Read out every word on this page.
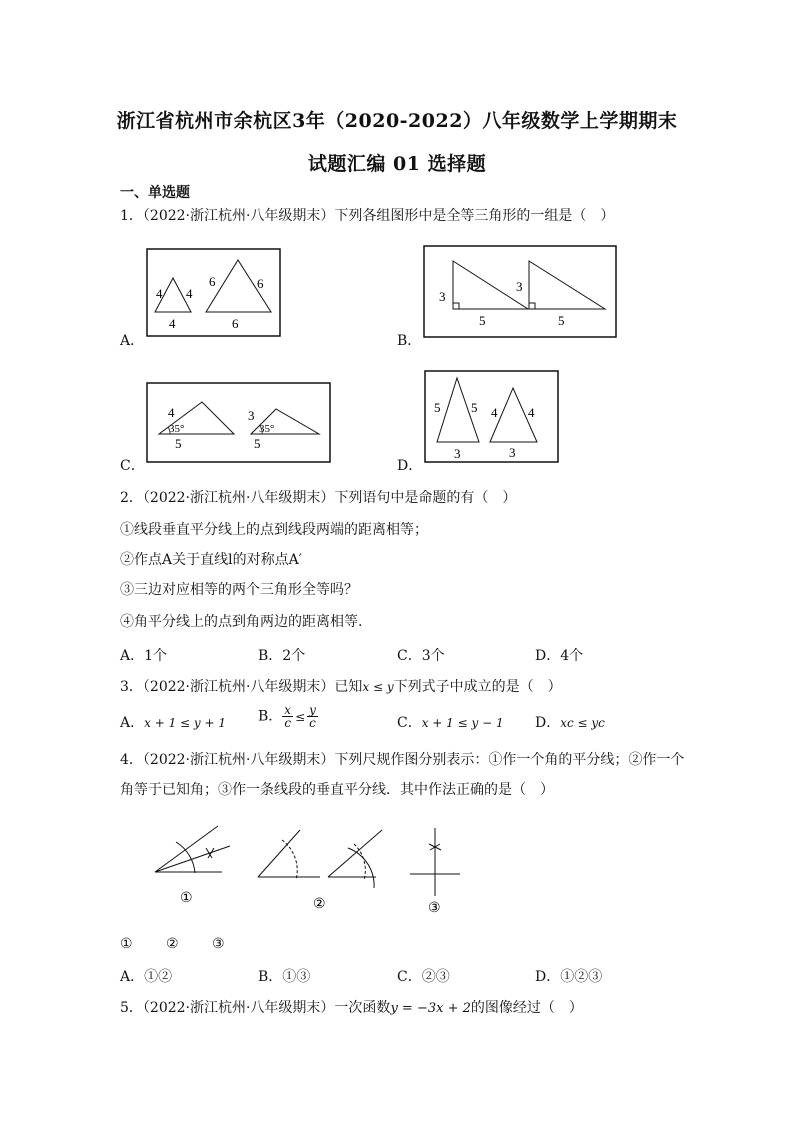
浙江省杭州市余杭区3年（2020-2022）八年级数学上学期期末
试题汇编 01 选择题
一、单选题
1．（2022·浙江杭州·八年级期末）下列各组图形中是全等三角形的一组是（　）
A．
4 4
4
6	6
6
B．
3
5
3
5
C．
4
35°
5
3
35°
5
D．
5 5
3
4 4
3
2．（2022·浙江杭州·八年级期末）下列语句中是命题的有（　）
①线段垂直平分线上的点到线段两端的距离相等；
②作点A关于直线l的对称点A′
③三边对应相等的两个三角形全等吗？
④角平分线上的点到角两边的距离相等.
A．1个	B．2个	C．3个	D．4个
3．（2022·浙江杭州·八年级期末）已知x ≤ y下列式子中成立的是（　）
A．x + 1 ≤ y + 1 B． $\frac{x}{c} \le \frac{y}{c}$	C．x + 1 ≤ y − 1 D．xc ≤ yc
4．（2022·浙江杭州·八年级期末）下列尺规作图分别表示：①作一个角的平分线；②作一个
角等于已知角；③作一条线段的垂直平分线．其中作法正确的是（　）
①	②	③
① ② ③
A．①②	B．①③	C．②③	D．①②③
5．（2022·浙江杭州·八年级期末）一次函数y = −3x + 2的图像经过（　）
